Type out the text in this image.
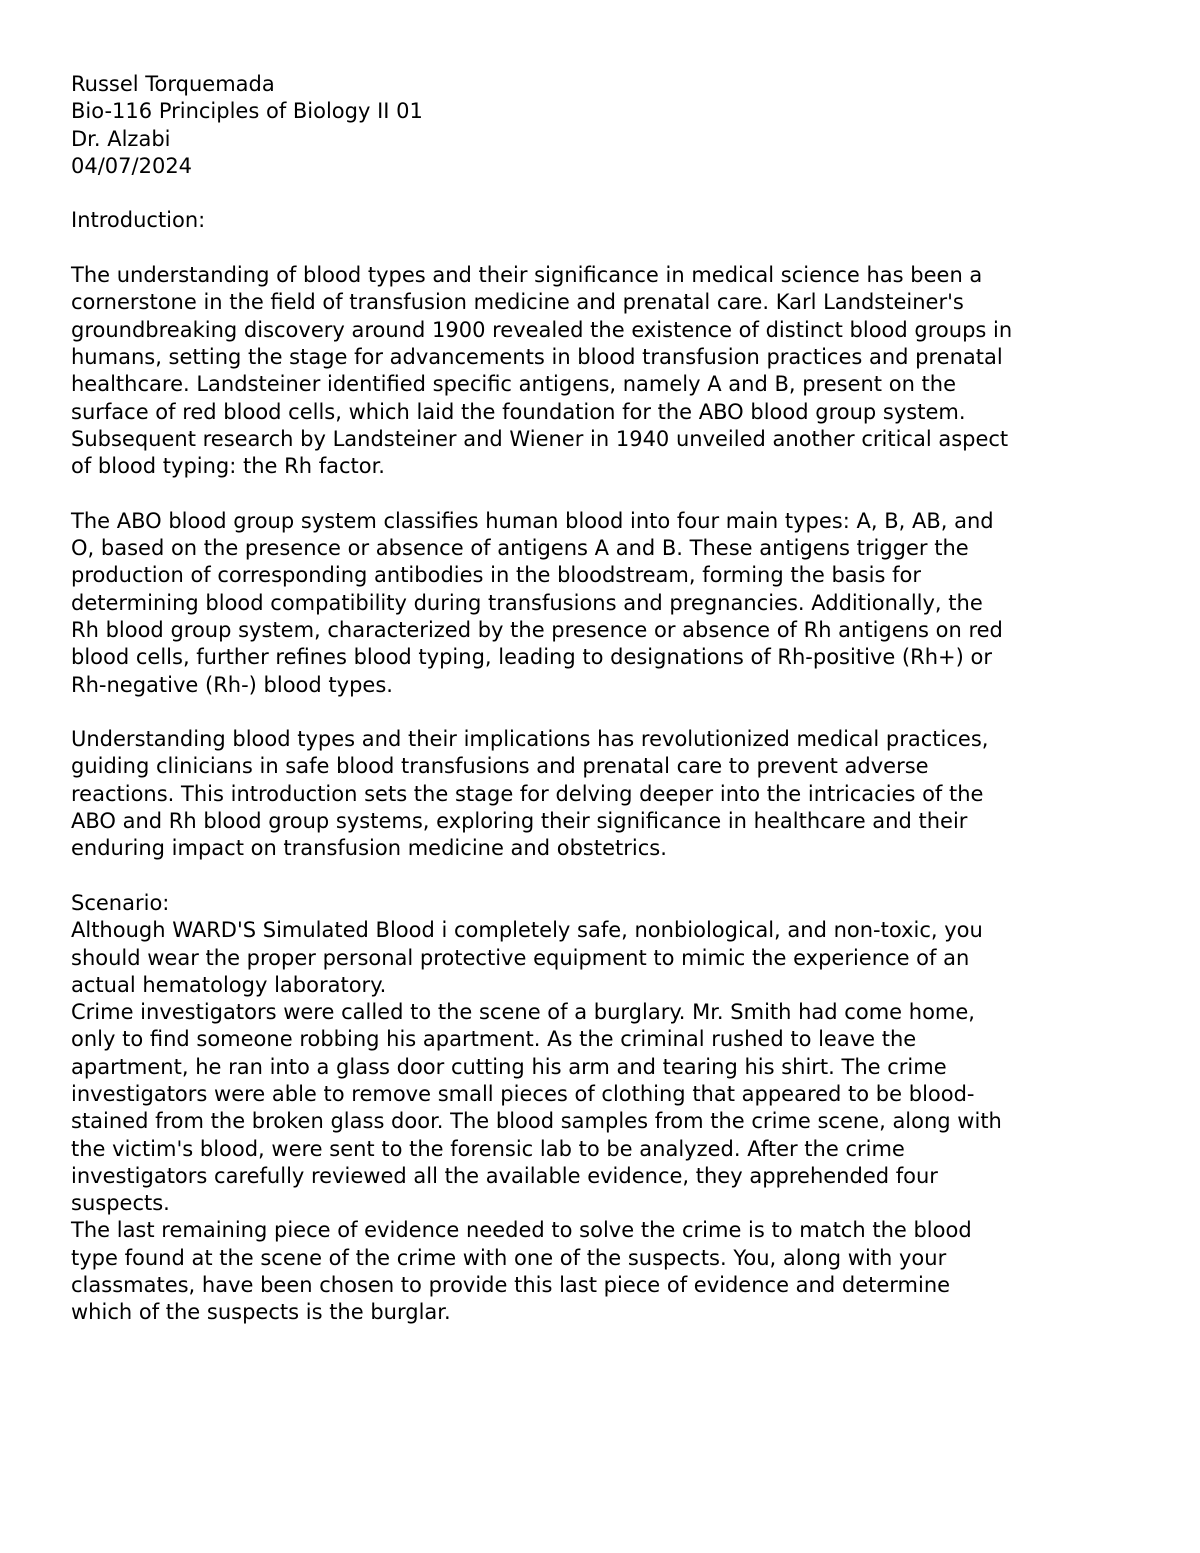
Russel Torquemada
Bio-116 Principles of Biology II 01
Dr. Alzabi
04/07/2024
Introduction:
The understanding of blood types and their significance in medical science has been a
cornerstone in the field of transfusion medicine and prenatal care. Karl Landsteiner's
groundbreaking discovery around 1900 revealed the existence of distinct blood groups in
humans, setting the stage for advancements in blood transfusion practices and prenatal
healthcare. Landsteiner identified specific antigens, namely A and B, present on the
surface of red blood cells, which laid the foundation for the ABO blood group system.
Subsequent research by Landsteiner and Wiener in 1940 unveiled another critical aspect
of blood typing: the Rh factor.
The ABO blood group system classifies human blood into four main types: A, B, AB, and
O, based on the presence or absence of antigens A and B. These antigens trigger the
production of corresponding antibodies in the bloodstream, forming the basis for
determining blood compatibility during transfusions and pregnancies. Additionally, the
Rh blood group system, characterized by the presence or absence of Rh antigens on red
blood cells, further refines blood typing, leading to designations of Rh-positive (Rh+) or
Rh-negative (Rh-) blood types.
Understanding blood types and their implications has revolutionized medical practices,
guiding clinicians in safe blood transfusions and prenatal care to prevent adverse
reactions. This introduction sets the stage for delving deeper into the intricacies of the
ABO and Rh blood group systems, exploring their significance in healthcare and their
enduring impact on transfusion medicine and obstetrics.
Scenario:
Although WARD'S Simulated Blood i completely safe, nonbiological, and non-toxic, you
should wear the proper personal protective equipment to mimic the experience of an
actual hematology laboratory.
Crime investigators were called to the scene of a burglary. Mr. Smith had come home,
only to find someone robbing his apartment. As the criminal rushed to leave the
apartment, he ran into a glass door cutting his arm and tearing his shirt. The crime
investigators were able to remove small pieces of clothing that appeared to be blood-
stained from the broken glass door. The blood samples from the crime scene, along with
the victim's blood, were sent to the forensic lab to be analyzed. After the crime
investigators carefully reviewed all the available evidence, they apprehended four
suspects.
The last remaining piece of evidence needed to solve the crime is to match the blood
type found at the scene of the crime with one of the suspects. You, along with your
classmates, have been chosen to provide this last piece of evidence and determine
which of the suspects is the burglar.
